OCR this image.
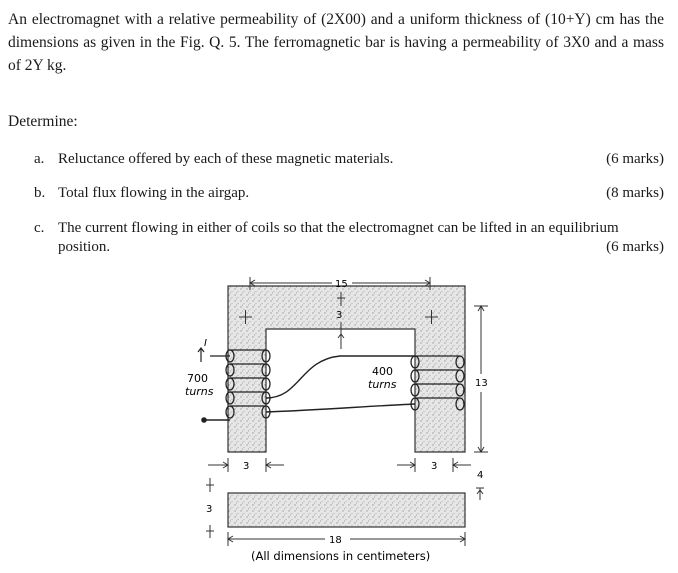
An electromagnet with a relative permeability of (2X00) and a uniform thickness of (10+Y) cm has the dimensions as given in the Fig. Q. 5. The ferromagnetic bar is having a permeability of 3X0 and a mass of 2Y kg.
Determine:
a. Reluctance offered by each of these magnetic materials.	(6 marks)
b. Total flux flowing in the airgap.	(8 marks)
c. The current flowing in either of coils so that the electromagnet can be lifted in an equilibrium position.	(6 marks)
I
700
turns
400
turns
15
3
13
3	3
4
3
18
(All dimensions in centimeters)
